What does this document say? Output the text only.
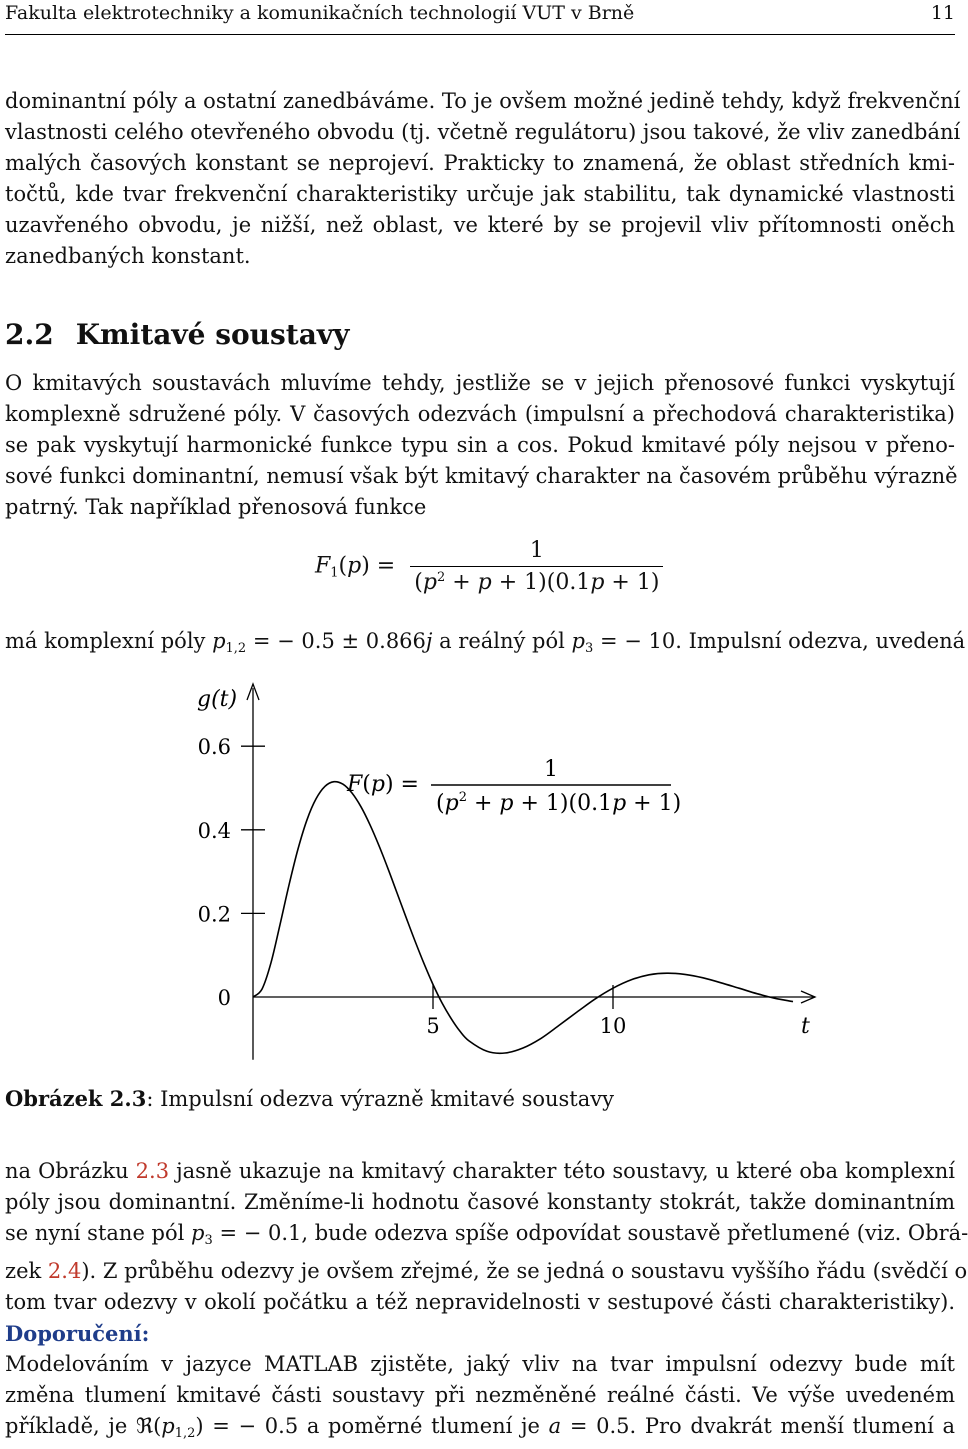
Fakulta elektrotechniky a komunikačních technologií VUT v Brně	11
dominantní póly a ostatní zanedbáváme. To je ovšem možné jedině tehdy, když frekvenční
vlastnosti celého otevřeného obvodu (tj. včetně regulátoru) jsou takové, že vliv zanedbání
malých časových konstant se neprojeví. Prakticky to znamená, že oblast středních kmi-
točtů, kde tvar frekvenční charakteristiky určuje jak stabilitu, tak dynamické vlastnosti
uzavřeného obvodu, je nižší, než oblast, ve které by se projevil vliv přítomnosti oněch
zanedbaných konstant.
2.2 Kmitavé soustavy
O kmitavých soustavách mluvíme tehdy, jestliže se v jejich přenosové funkci vyskytují
komplexně sdružené póly. V časových odezvách (impulsní a přechodová charakteristika)
se pak vyskytují harmonické funkce typu sin a cos. Pokud kmitavé póly nejsou v přeno-
sové funkci dominantní, nemusí však být kmitavý charakter na časovém průběhu výrazně
patrný. Tak například přenosová funkce
$F_1(p) = \frac{1}{(p^2 + p + 1)(0.1p + 1)}$
má komplexní póly $p_{1,2}$ = − 0.5 ± 0.866j a reálný pól $p_3$ = − 10. Impulsní odezva, uvedená
g(t)
t
0
0.2
0.4
0.6
5	10
F(p) =
1
$(p^2 + p + 1)(0.1p + 1)$
Obrázek 2.3: Impulsní odezva výrazně kmitavé soustavy
na Obrázku 2.3 jasně ukazuje na kmitavý charakter této soustavy, u které oba komplexní
póly jsou dominantní. Změníme-li hodnotu časové konstanty stokrát, takže dominantním
se nyní stane pól $p_3$ = − 0.1, bude odezva spíše odpovídat soustavě přetlumené (viz. Obrá-
zek 2.4). Z průběhu odezvy je ovšem zřejmé, že se jedná o soustavu vyššího řádu (svědčí o
tom tvar odezvy v okolí počátku a též nepravidelnosti v sestupové části charakteristiky).
Doporučení:
Modelováním v jazyce MATLAB zjistěte, jaký vliv na tvar impulsní odezvy bude mít
změna tlumení kmitavé části soustavy při nezměněné reálné části. Ve výše uvedeném
příkladě, je $ℜ(p_{1,2})$ = − 0.5 a poměrné tlumení je a = 0.5. Pro dvakrát menší tlumení a
